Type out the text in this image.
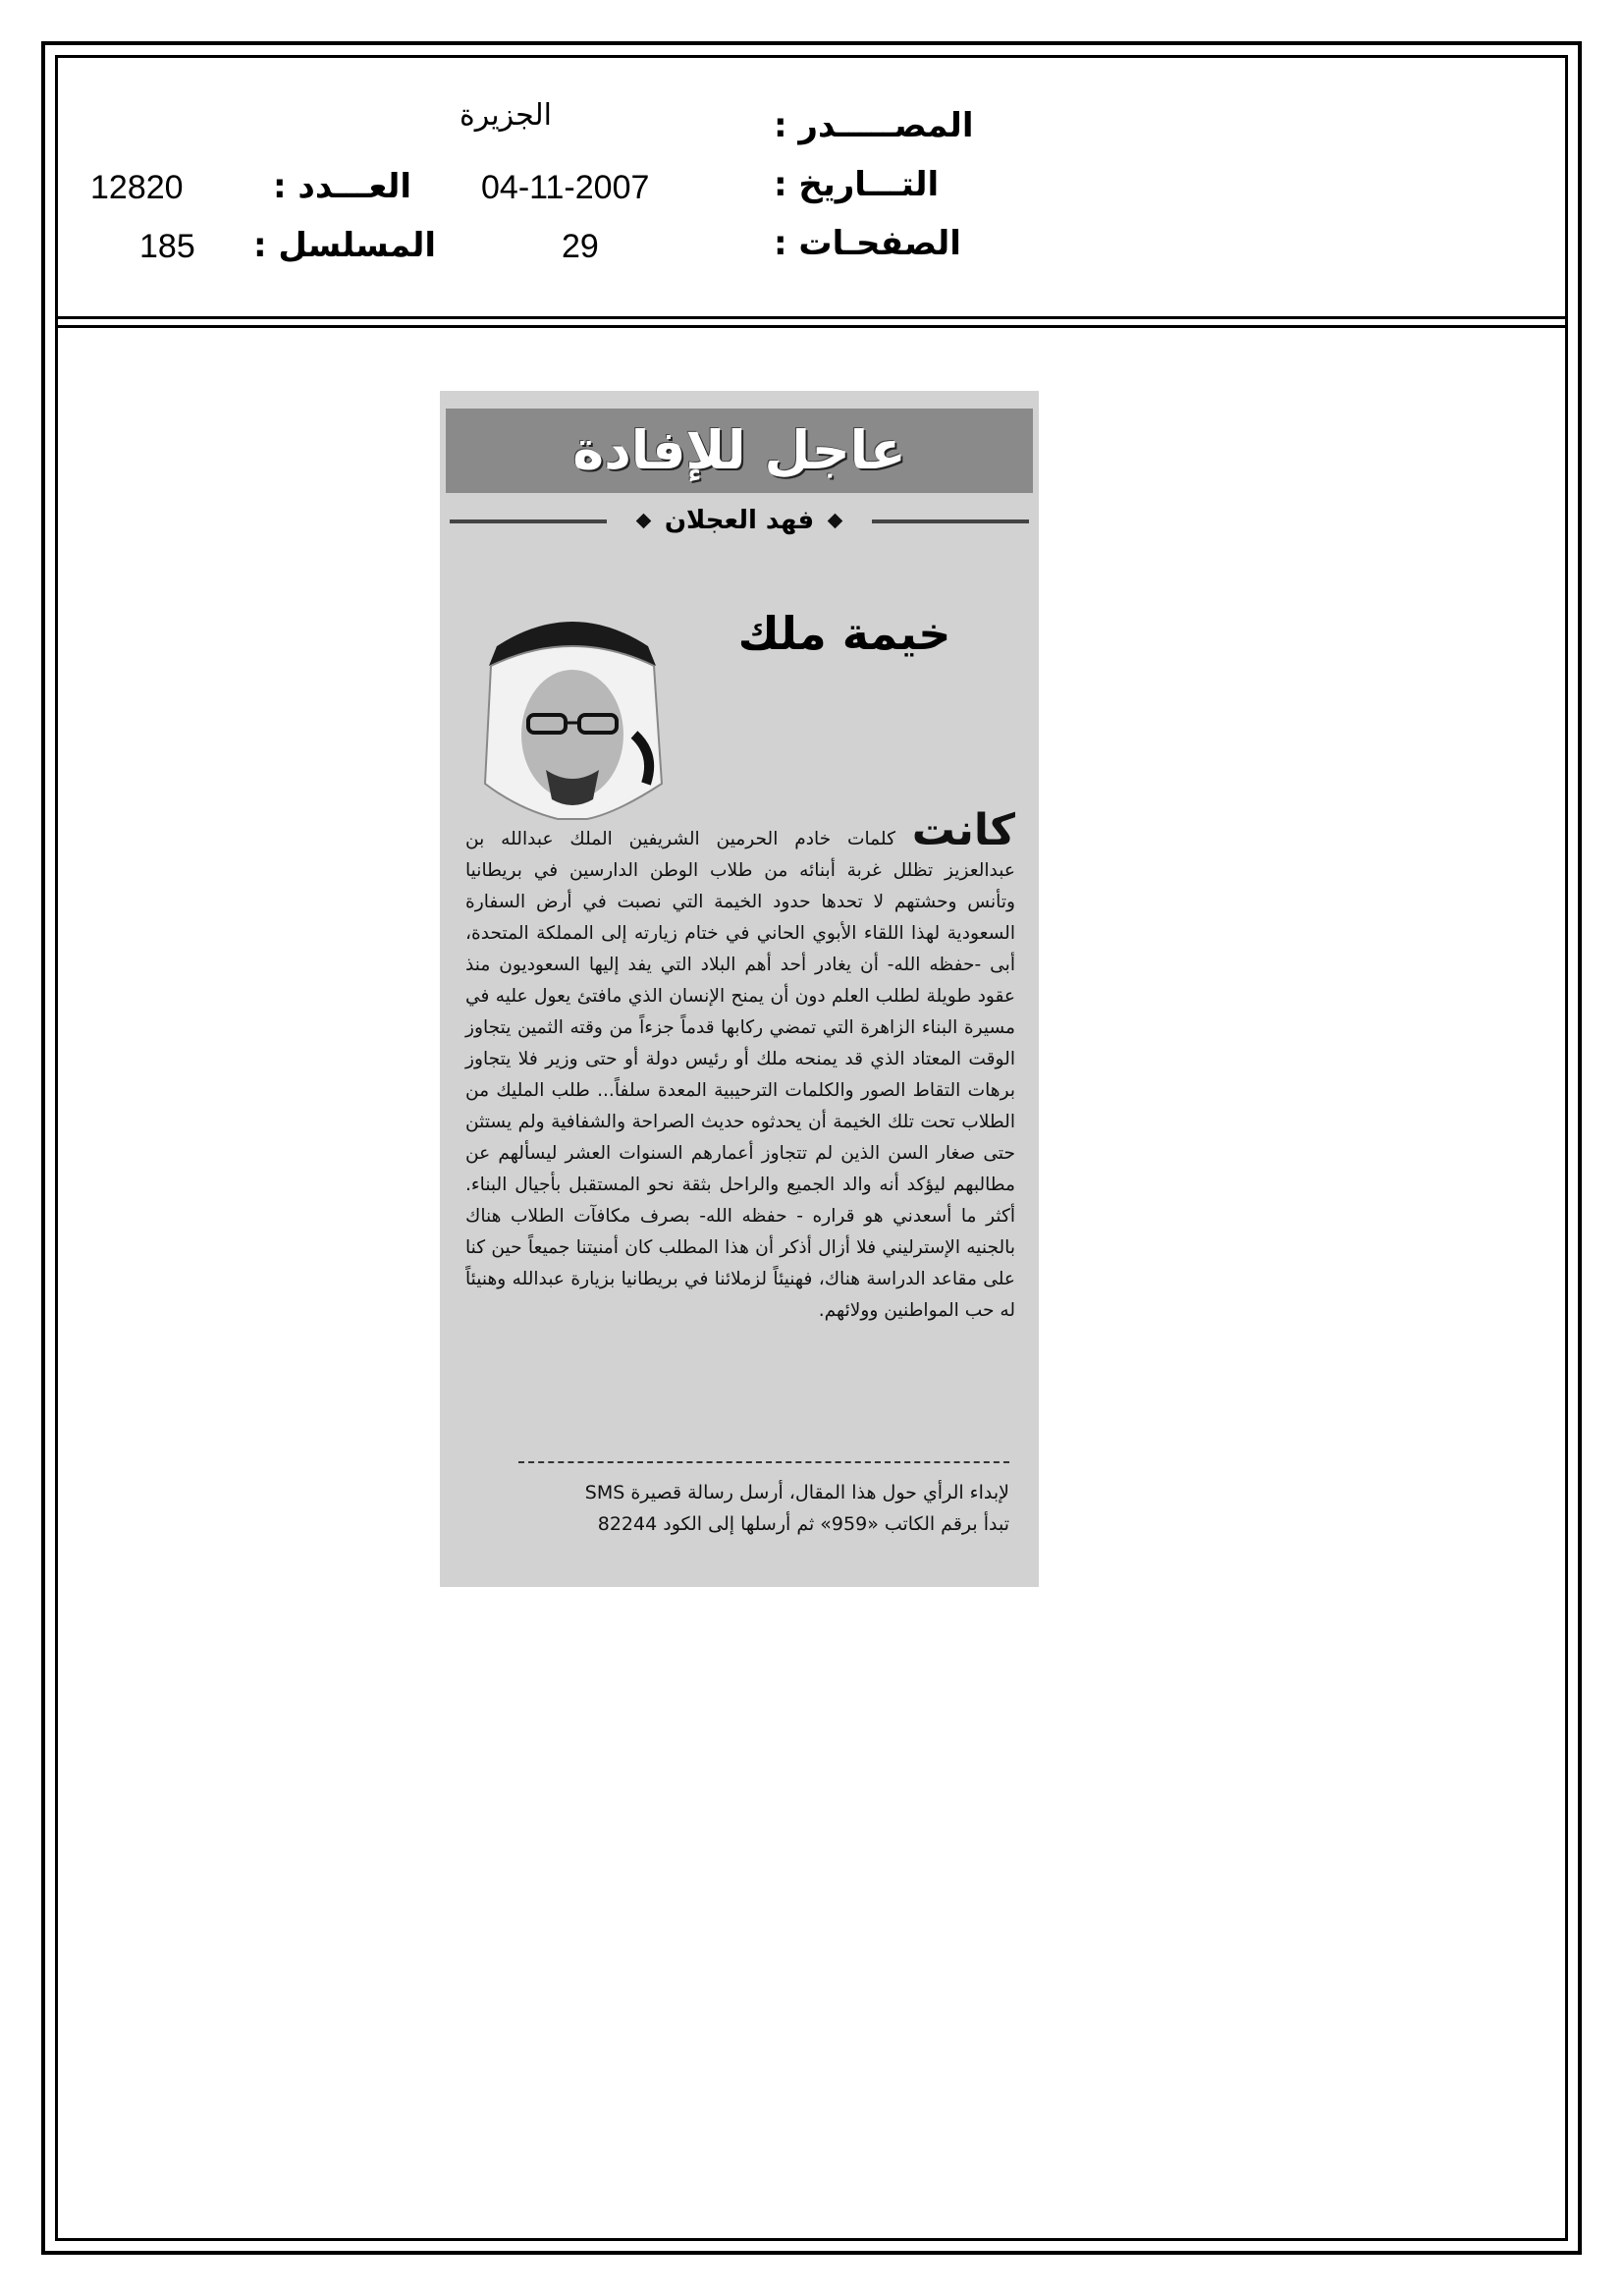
المصـــــدر :
الجزيرة
التـــاريخ :
04-11-2007
العـــدد :
12820
الصفحـات :
29
المسلسل :
185
عاجل للإفادة
فهد العجلان
خيمة ملك
كانت كلمات خادم الحرمين الشريفين الملك عبدالله بن عبدالعزيز تظلل غربة أبنائه من طلاب الوطن الدارسين في بريطانيا وتأنس وحشتهم لا تحدها حدود الخيمة التي نصبت في أرض السفارة السعودية لهذا اللقاء الأبوي الحاني في ختام زيارته إلى المملكة المتحدة، أبى -حفظه الله- أن يغادر أحد أهم البلاد التي يفد إليها السعوديون منذ عقود طويلة لطلب العلم دون أن يمنح الإنسان الذي مافتئ يعول عليه في مسيرة البناء الزاهرة التي تمضي ركابها قدماً جزءاً من وقته الثمين يتجاوز الوقت المعتاد الذي قد يمنحه ملك أو رئيس دولة أو حتى وزير فلا يتجاوز برهات التقاط الصور والكلمات الترحيبية المعدة سلفاً... طلب المليك من الطلاب تحت تلك الخيمة أن يحدثوه حديث الصراحة والشفافية ولم يستثن حتى صغار السن الذين لم تتجاوز أعمارهم السنوات العشر ليسألهم عن مطالبهم ليؤكد أنه والد الجميع والراحل بثقة نحو المستقبل بأجيال البناء. أكثر ما أسعدني هو قراره - حفظه الله- بصرف مكافآت الطلاب هناك بالجنيه الإسترليني فلا أزال أذكر أن هذا المطلب كان أمنيتنا جميعاً حين كنا على مقاعد الدراسة هناك، فهنيئاً لزملائنا في بريطانيا بزيارة عبدالله وهنيئاً له حب المواطنين وولائهم.
لإبداء الرأي حول هذا المقال، أرسل رسالة قصيرة SMS
تبدأ برقم الكاتب «959» ثم أرسلها إلى الكود 82244
